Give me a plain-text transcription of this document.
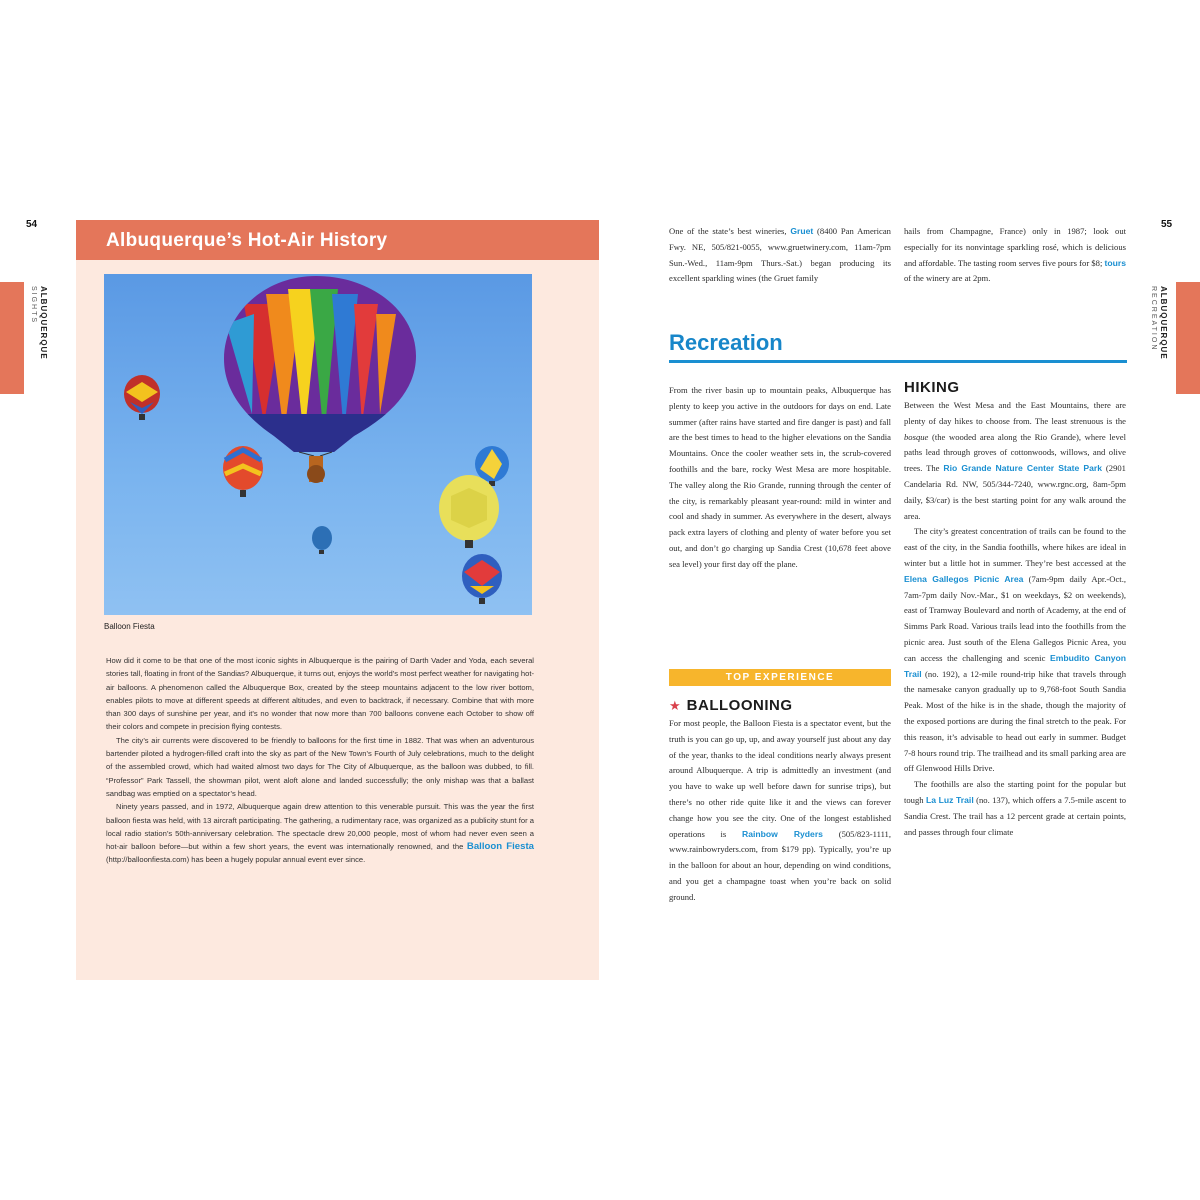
54
ALBUQUERQUE
SIGHTS
Albuquerque’s Hot-Air History
Balloon Fiesta

How did it come to be that one of the most iconic sights in Albuquerque is the pairing of Darth Vader and Yoda, each several stories tall, floating in front of the Sandias? Albuquerque, it turns out, enjoys the world’s most perfect weather for navigating hot-air balloons. A phenomenon called the Albuquerque Box, created by the steep mountains adjacent to the low river bottom, enables pilots to move at different speeds at different altitudes, and even to backtrack, if necessary. Combine that with more than 300 days of sunshine per year, and it’s no wonder that now more than 700 balloons convene each October to show off their colors and compete in precision flying contests.

The city’s air currents were discovered to be friendly to balloons for the first time in 1882. That was when an adventurous bartender piloted a hydrogen-filled craft into the sky as part of the New Town’s Fourth of July celebrations, much to the delight of the assembled crowd, which had waited almost two days for The City of Albuquerque, as the balloon was dubbed, to fill. “Professor” Park Tassell, the showman pilot, went aloft alone and landed successfully; the only mishap was that a ballast sandbag was emptied on a spectator’s head.

Ninety years passed, and in 1972, Albuquerque again drew attention to this venerable pursuit. This was the year the first balloon fiesta was held, with 13 aircraft participating. The gathering, a rudimentary race, was organized as a publicity stunt for a local radio station’s 50th-anniversary celebration. The spectacle drew 20,000 people, most of whom had never even seen a hot-air balloon before—but within a few short years, the event was internationally renowned, and the Balloon Fiesta (http://balloonfiesta.com) has been a hugely popular annual event ever since.

55
ALBUQUERQUE
RECREATION

One of the state’s best wineries, Gruet (8400 Pan American Fwy. NE, 505/821-0055, www.gruetwinery.com, 11am-7pm Sun.-Wed., 11am-9pm Thurs.-Sat.) began producing its excellent sparkling wines (the Gruet family

hails from Champagne, France) only in 1987; look out especially for its nonvintage sparkling rosé, which is delicious and affordable. The tasting room serves five pours for $8; tours of the winery are at 2pm.

Recreation

From the river basin up to mountain peaks, Albuquerque has plenty to keep you active in the outdoors for days on end. Late summer (after rains have started and fire danger is past) and fall are the best times to head to the higher elevations on the Sandia Mountains. Once the cooler weather sets in, the scrub-covered foothills and the bare, rocky West Mesa are more hospitable. The valley along the Rio Grande, running through the center of the city, is remarkably pleasant year-round: mild in winter and cool and shady in summer. As everywhere in the desert, always pack extra layers of clothing and plenty of water before you set out, and don’t go charging up Sandia Crest (10,678 feet above sea level) your first day off the plane.

TOP EXPERIENCE
★ BALLOONING

For most people, the Balloon Fiesta is a spectator event, but the truth is you can go up, up, and away yourself just about any day of the year, thanks to the ideal conditions nearly always present around Albuquerque. A trip is admittedly an investment (and you have to wake up well before dawn for sunrise trips), but there’s no other ride quite like it and the views can forever change how you see the city. One of the longest established operations is Rainbow Ryders (505/823-1111, www.rainbowryders.com, from $179 pp). Typically, you’re up in the balloon for about an hour, depending on wind conditions, and you get a champagne toast when you’re back on solid ground.

HIKING

Between the West Mesa and the East Mountains, there are plenty of day hikes to choose from. The least strenuous is the bosque (the wooded area along the Rio Grande), where level paths lead through groves of cottonwoods, willows, and olive trees. The Rio Grande Nature Center State Park (2901 Candelaria Rd. NW, 505/344-7240, www.rgnc.org, 8am-5pm daily, $3/car) is the best starting point for any walk around the area.

The city’s greatest concentration of trails can be found to the east of the city, in the Sandia foothills, where hikes are ideal in winter but a little hot in summer. They’re best accessed at the Elena Gallegos Picnic Area (7am-9pm daily Apr.-Oct., 7am-7pm daily Nov.-Mar., $1 on weekdays, $2 on weekends), east of Tramway Boulevard and north of Academy, at the end of Simms Park Road. Various trails lead into the foothills from the picnic area. Just south of the Elena Gallegos Picnic Area, you can access the challenging and scenic Embudito Canyon Trail (no. 192), a 12-mile round-trip hike that travels through the namesake canyon gradually up to 9,768-foot South Sandia Peak. Most of the hike is in the shade, though the majority of the exposed portions are during the final stretch to the peak. For this reason, it’s advisable to head out early in summer. Budget 7-8 hours round trip. The trailhead and its small parking area are off Glenwood Hills Drive.

The foothills are also the starting point for the popular but tough La Luz Trail (no. 137), which offers a 7.5-mile ascent to Sandia Crest. The trail has a 12 percent grade at certain points, and passes through four climate
